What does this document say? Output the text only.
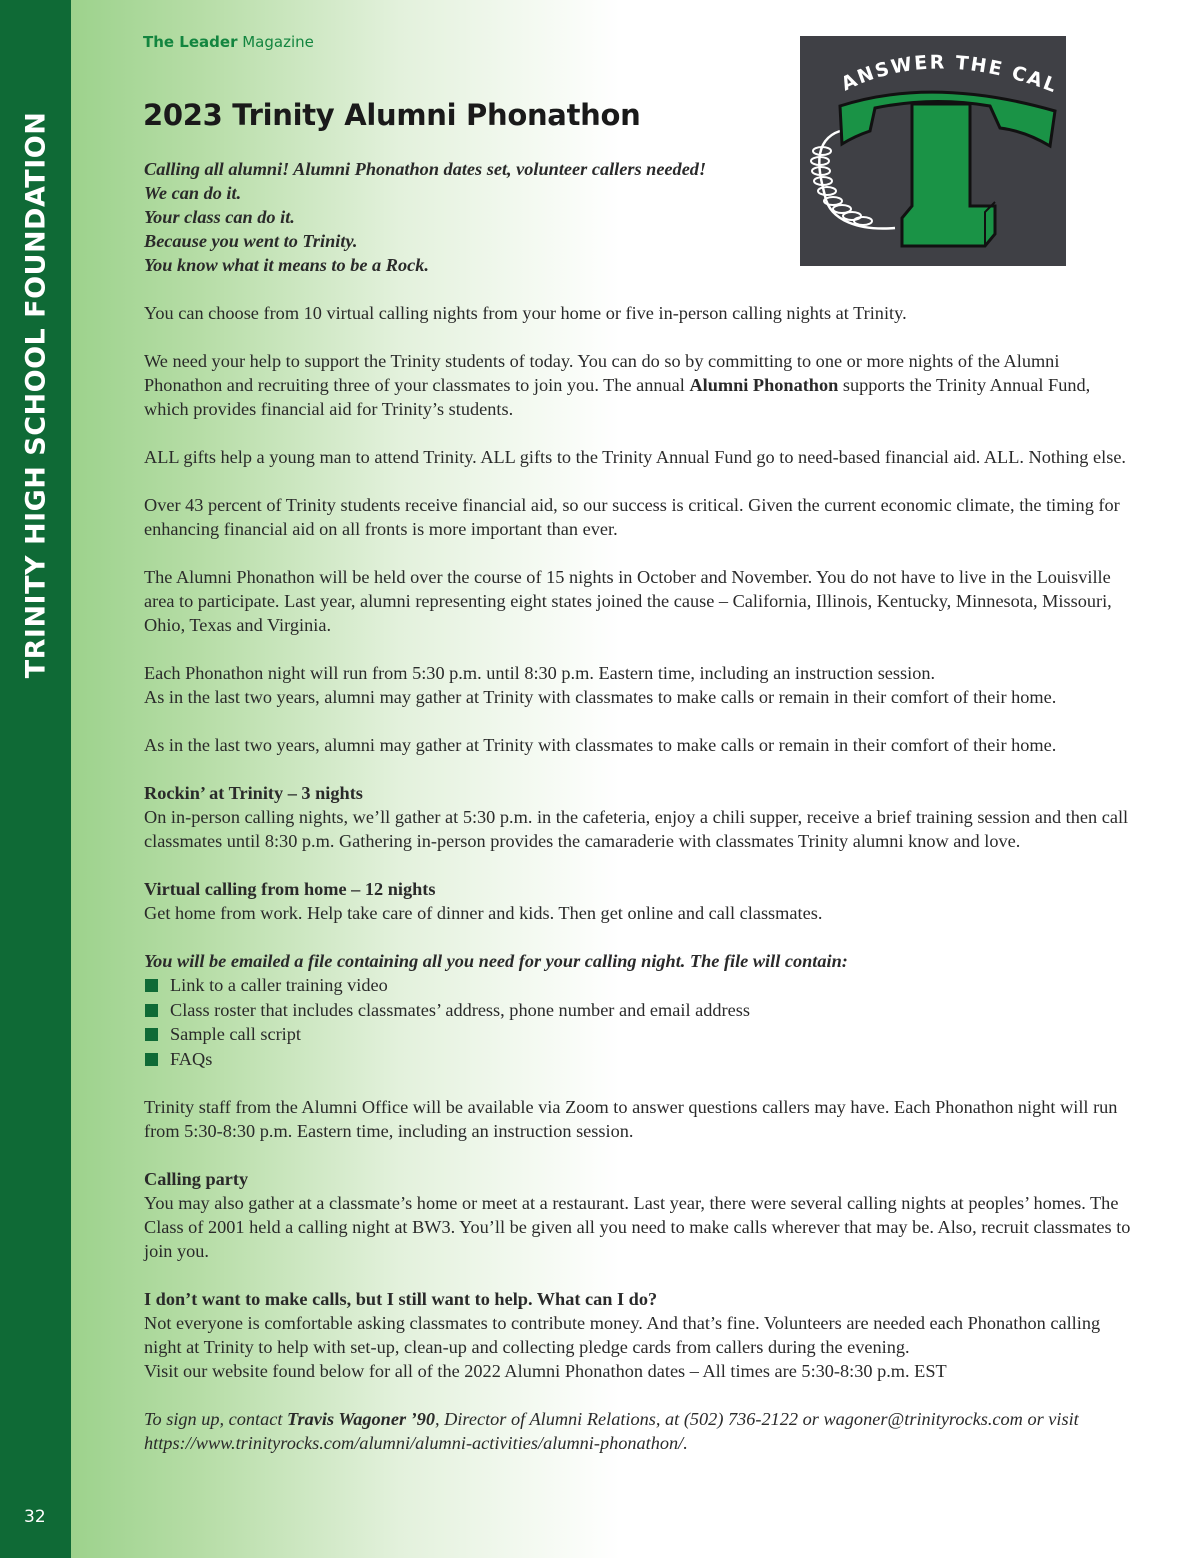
TRINITY HIGH SCHOOL FOUNDATION
32
The Leader Magazine
2023 Trinity Alumni Phonathon
ANSWER THE CAL
Calling all alumni! Alumni Phonathon dates set, volunteer callers needed!
We can do it.
Your class can do it.
Because you went to Trinity.
You know what it means to be a Rock.

You can choose from 10 virtual calling nights from your home or five in-person calling nights at Trinity.

We need your help to support the Trinity students of today. You can do so by committing to one or more nights of the Alumni Phonathon and recruiting three of your classmates to join you. The annual Alumni Phonathon supports the Trinity Annual Fund, which provides financial aid for Trinity’s students.

ALL gifts help a young man to attend Trinity. ALL gifts to the Trinity Annual Fund go to need-based financial aid. ALL. Nothing else.

Over 43 percent of Trinity students receive financial aid, so our success is critical. Given the current economic climate, the timing for enhancing financial aid on all fronts is more important than ever.

The Alumni Phonathon will be held over the course of 15 nights in October and November. You do not have to live in the Louisville area to participate. Last year, alumni representing eight states joined the cause – California, Illinois, Kentucky, Minnesota, Missouri, Ohio, Texas and Virginia.

Each Phonathon night will run from 5:30 p.m. until 8:30 p.m. Eastern time, including an instruction session.
As in the last two years, alumni may gather at Trinity with classmates to make calls or remain in their comfort of their home.

As in the last two years, alumni may gather at Trinity with classmates to make calls or remain in their comfort of their home.

Rockin’ at Trinity – 3 nights
On in-person calling nights, we’ll gather at 5:30 p.m. in the cafeteria, enjoy a chili supper, receive a brief training session and then call classmates until 8:30 p.m. Gathering in-person provides the camaraderie with classmates Trinity alumni know and love.

Virtual calling from home – 12 nights
Get home from work. Help take care of dinner and kids. Then get online and call classmates.

You will be emailed a file containing all you need for your calling night. The file will contain:
Link to a caller training video
Class roster that includes classmates’ address, phone number and email address
Sample call script
FAQs

Trinity staff from the Alumni Office will be available via Zoom to answer questions callers may have. Each Phonathon night will run from 5:30-8:30 p.m. Eastern time, including an instruction session.

Calling party
You may also gather at a classmate’s home or meet at a restaurant. Last year, there were several calling nights at peoples’ homes. The Class of 2001 held a calling night at BW3. You’ll be given all you need to make calls wherever that may be. Also, recruit classmates to join you.

I don’t want to make calls, but I still want to help. What can I do?
Not everyone is comfortable asking classmates to contribute money. And that’s fine. Volunteers are needed each Phonathon calling night at Trinity to help with set-up, clean-up and collecting pledge cards from callers during the evening.
Visit our website found below for all of the 2022 Alumni Phonathon dates – All times are 5:30-8:30 p.m. EST

To sign up, contact Travis Wagoner ’90, Director of Alumni Relations, at (502) 736-2122 or wagoner@trinityrocks.com or visit https://www.trinityrocks.com/alumni/alumni-activities/alumni-phonathon/.
